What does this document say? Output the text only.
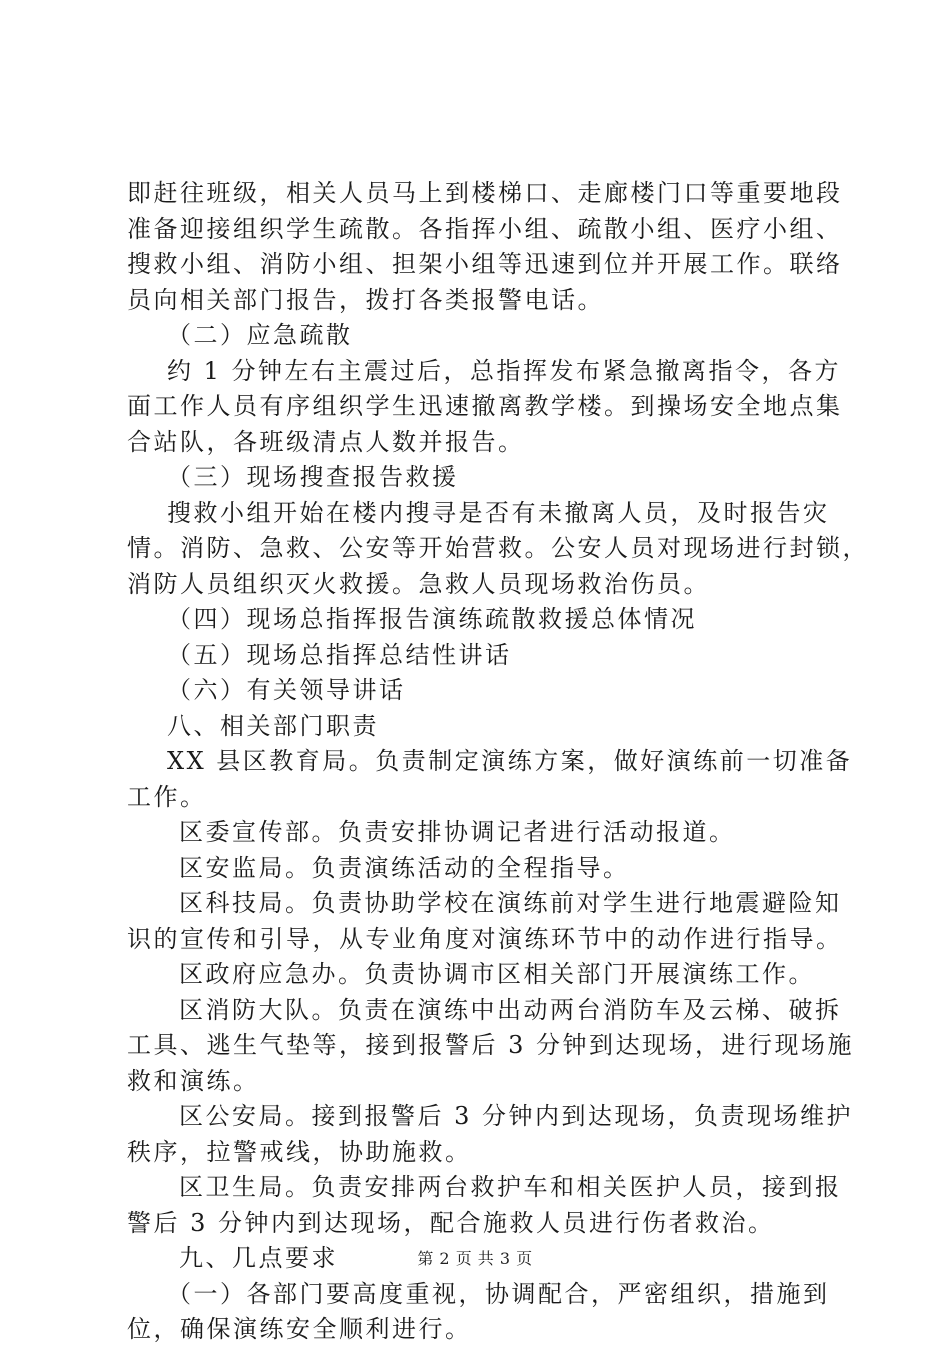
即赶往班级，相关人员马上到楼梯口、走廊楼门口等重要地段
准备迎接组织学生疏散。各指挥小组、疏散小组、医疗小组、
搜救小组、消防小组、担架小组等迅速到位并开展工作。联络
员向相关部门报告，拨打各类报警电话。

（二）应急疏散

约 1 分钟左右主震过后，总指挥发布紧急撤离指令，各方
面工作人员有序组织学生迅速撤离教学楼。到操场安全地点集
合站队，各班级清点人数并报告。

（三）现场搜查报告救援

搜救小组开始在楼内搜寻是否有未撤离人员，及时报告灾
情。消防、急救、公安等开始营救。公安人员对现场进行封锁，
消防人员组织灭火救援。急救人员现场救治伤员。

（四）现场总指挥报告演练疏散救援总体情况

（五）现场总指挥总结性讲话

（六）有关领导讲话

八、相关部门职责

XX 县区教育局。负责制定演练方案，做好演练前一切准备
工作。

区委宣传部。负责安排协调记者进行活动报道。

区安监局。负责演练活动的全程指导。

区科技局。负责协助学校在演练前对学生进行地震避险知
识的宣传和引导，从专业角度对演练环节中的动作进行指导。

区政府应急办。负责协调市区相关部门开展演练工作。

区消防大队。负责在演练中出动两台消防车及云梯、破拆
工具、逃生气垫等，接到报警后 3 分钟到达现场，进行现场施
救和演练。

区公安局。接到报警后 3 分钟内到达现场，负责现场维护
秩序，拉警戒线，协助施救。

区卫生局。负责安排两台救护车和相关医护人员，接到报
警后 3 分钟内到达现场，配合施救人员进行伤者救治。

九、几点要求

（一）各部门要高度重视，协调配合，严密组织，措施到
位，确保演练安全顺利进行。

第 2 页 共 3 页
